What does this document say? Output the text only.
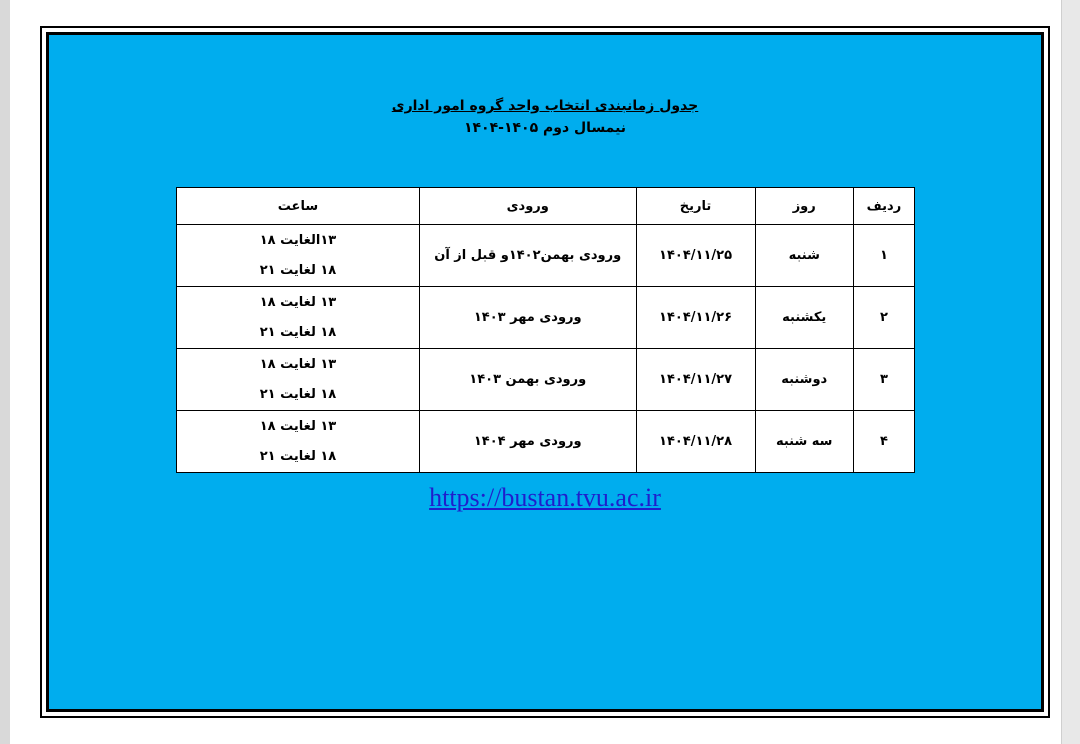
جدول زمانبندی انتخاب واحد گروه امور اداری
نیمسال دوم ۱۴۰۵-۱۴۰۴
ردیف	روز	تاریخ	ورودی	ساعت
۱	شنبه	۱۴۰۴/۱۱/۲۵	ورودی بهمن۱۴۰۲و قبل از آن	۱۳الغایت ۱۸
۱۸ لغایت ۲۱

۲	یکشنبه	۱۴۰۴/۱۱/۲۶	ورودی مهر ۱۴۰۳	۱۳ لغایت ۱۸
۱۸ لغایت ۲۱

۳	دوشنبه	۱۴۰۴/۱۱/۲۷	ورودی بهمن ۱۴۰۳	۱۳ لغایت ۱۸
۱۸ لغایت ۲۱

۴	سه شنبه	۱۴۰۴/۱۱/۲۸	ورودی مهر ۱۴۰۴	۱۳ لغایت ۱۸
۱۸ لغایت ۲۱
https://bustan.tvu.ac.ir
